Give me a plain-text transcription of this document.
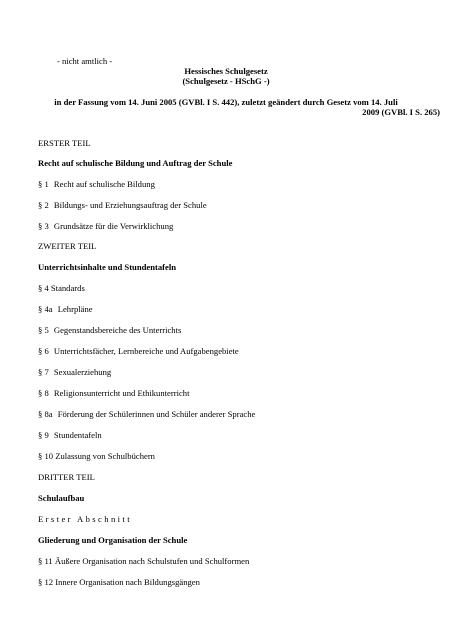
- nicht amtlich -
Hessisches Schulgesetz
(Schulgesetz - HSchG -)
in der Fassung vom 14. Juni 2005 (GVBl. I S. 442), zuletzt geändert durch Gesetz vom 14. Juli
2009 (GVBl. I S. 265)
ERSTER TEIL
Recht auf schulische Bildung und Auftrag der Schule
§ 1 Recht auf schulische Bildung
§ 2 Bildungs- und Erziehungsauftrag der Schule
§ 3 Grundsätze für die Verwirklichung
ZWEITER TEIL
Unterrichtsinhalte und Stundentafeln
§ 4 Standards
§ 4a Lehrpläne
§ 5 Gegenstandsbereiche des Unterrichts
§ 6 Unterrichtsfächer, Lernbereiche und Aufgabengebiete
§ 7 Sexualerziehung
§ 8 Religionsunterricht und Ethikunterricht
§ 8a Förderung der Schülerinnen und Schüler anderer Sprache
§ 9 Stundentafeln
§ 10 Zulassung von Schulbüchern
DRITTER TEIL
Schulaufbau
Erster Abschnitt
Gliederung und Organisation der Schule
§ 11 Äußere Organisation nach Schulstufen und Schulformen
§ 12 Innere Organisation nach Bildungsgängen
